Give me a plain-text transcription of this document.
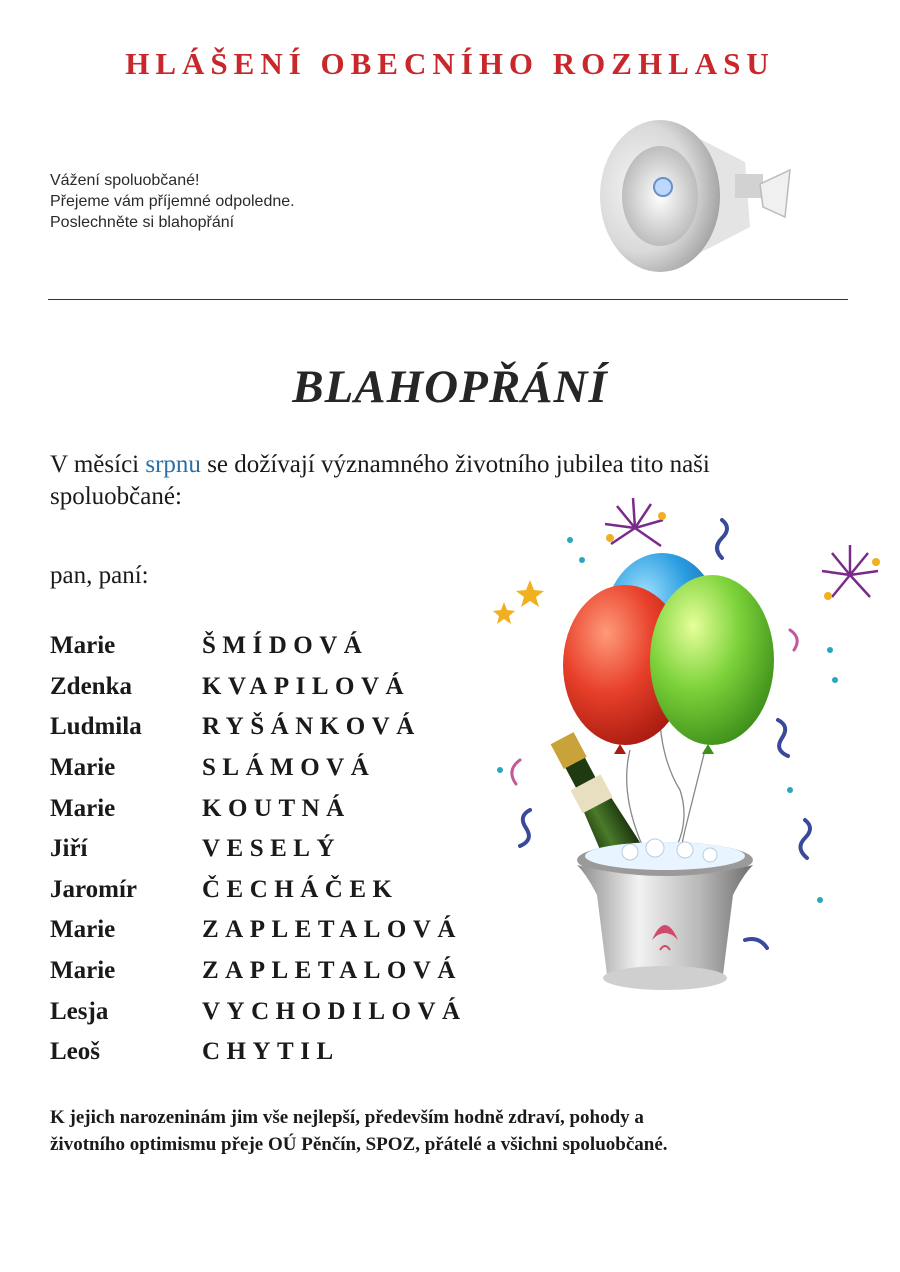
HLÁŠENÍ OBECNÍHO ROZHLASU
Vážení spoluobčané!
Přejeme vám příjemné odpoledne.
Poslechněte si blahopřání
BLAHOPŘÁNÍ
V měsíci srpnu se dožívají významného životního jubilea tito naši spoluobčané:
pan, paní:
Marie	ŠMÍDOVÁ
Zdenka	KVAPILOVÁ
Ludmila	RYŠÁNKOVÁ
Marie	SLÁMOVÁ
Marie	KOUTNÁ
Jiří	VESELÝ
Jaromír	ČECHÁČEK
Marie	ZAPLETALOVÁ
Marie	ZAPLETALOVÁ
Lesja	VYCHODILOVÁ
Leoš	CHYTIL
K jejich narozeninám jim vše nejlepší, především hodně zdraví, pohody a
životního optimismu přeje OÚ Pěnčín, SPOZ, přátelé a všichni spoluobčané.
